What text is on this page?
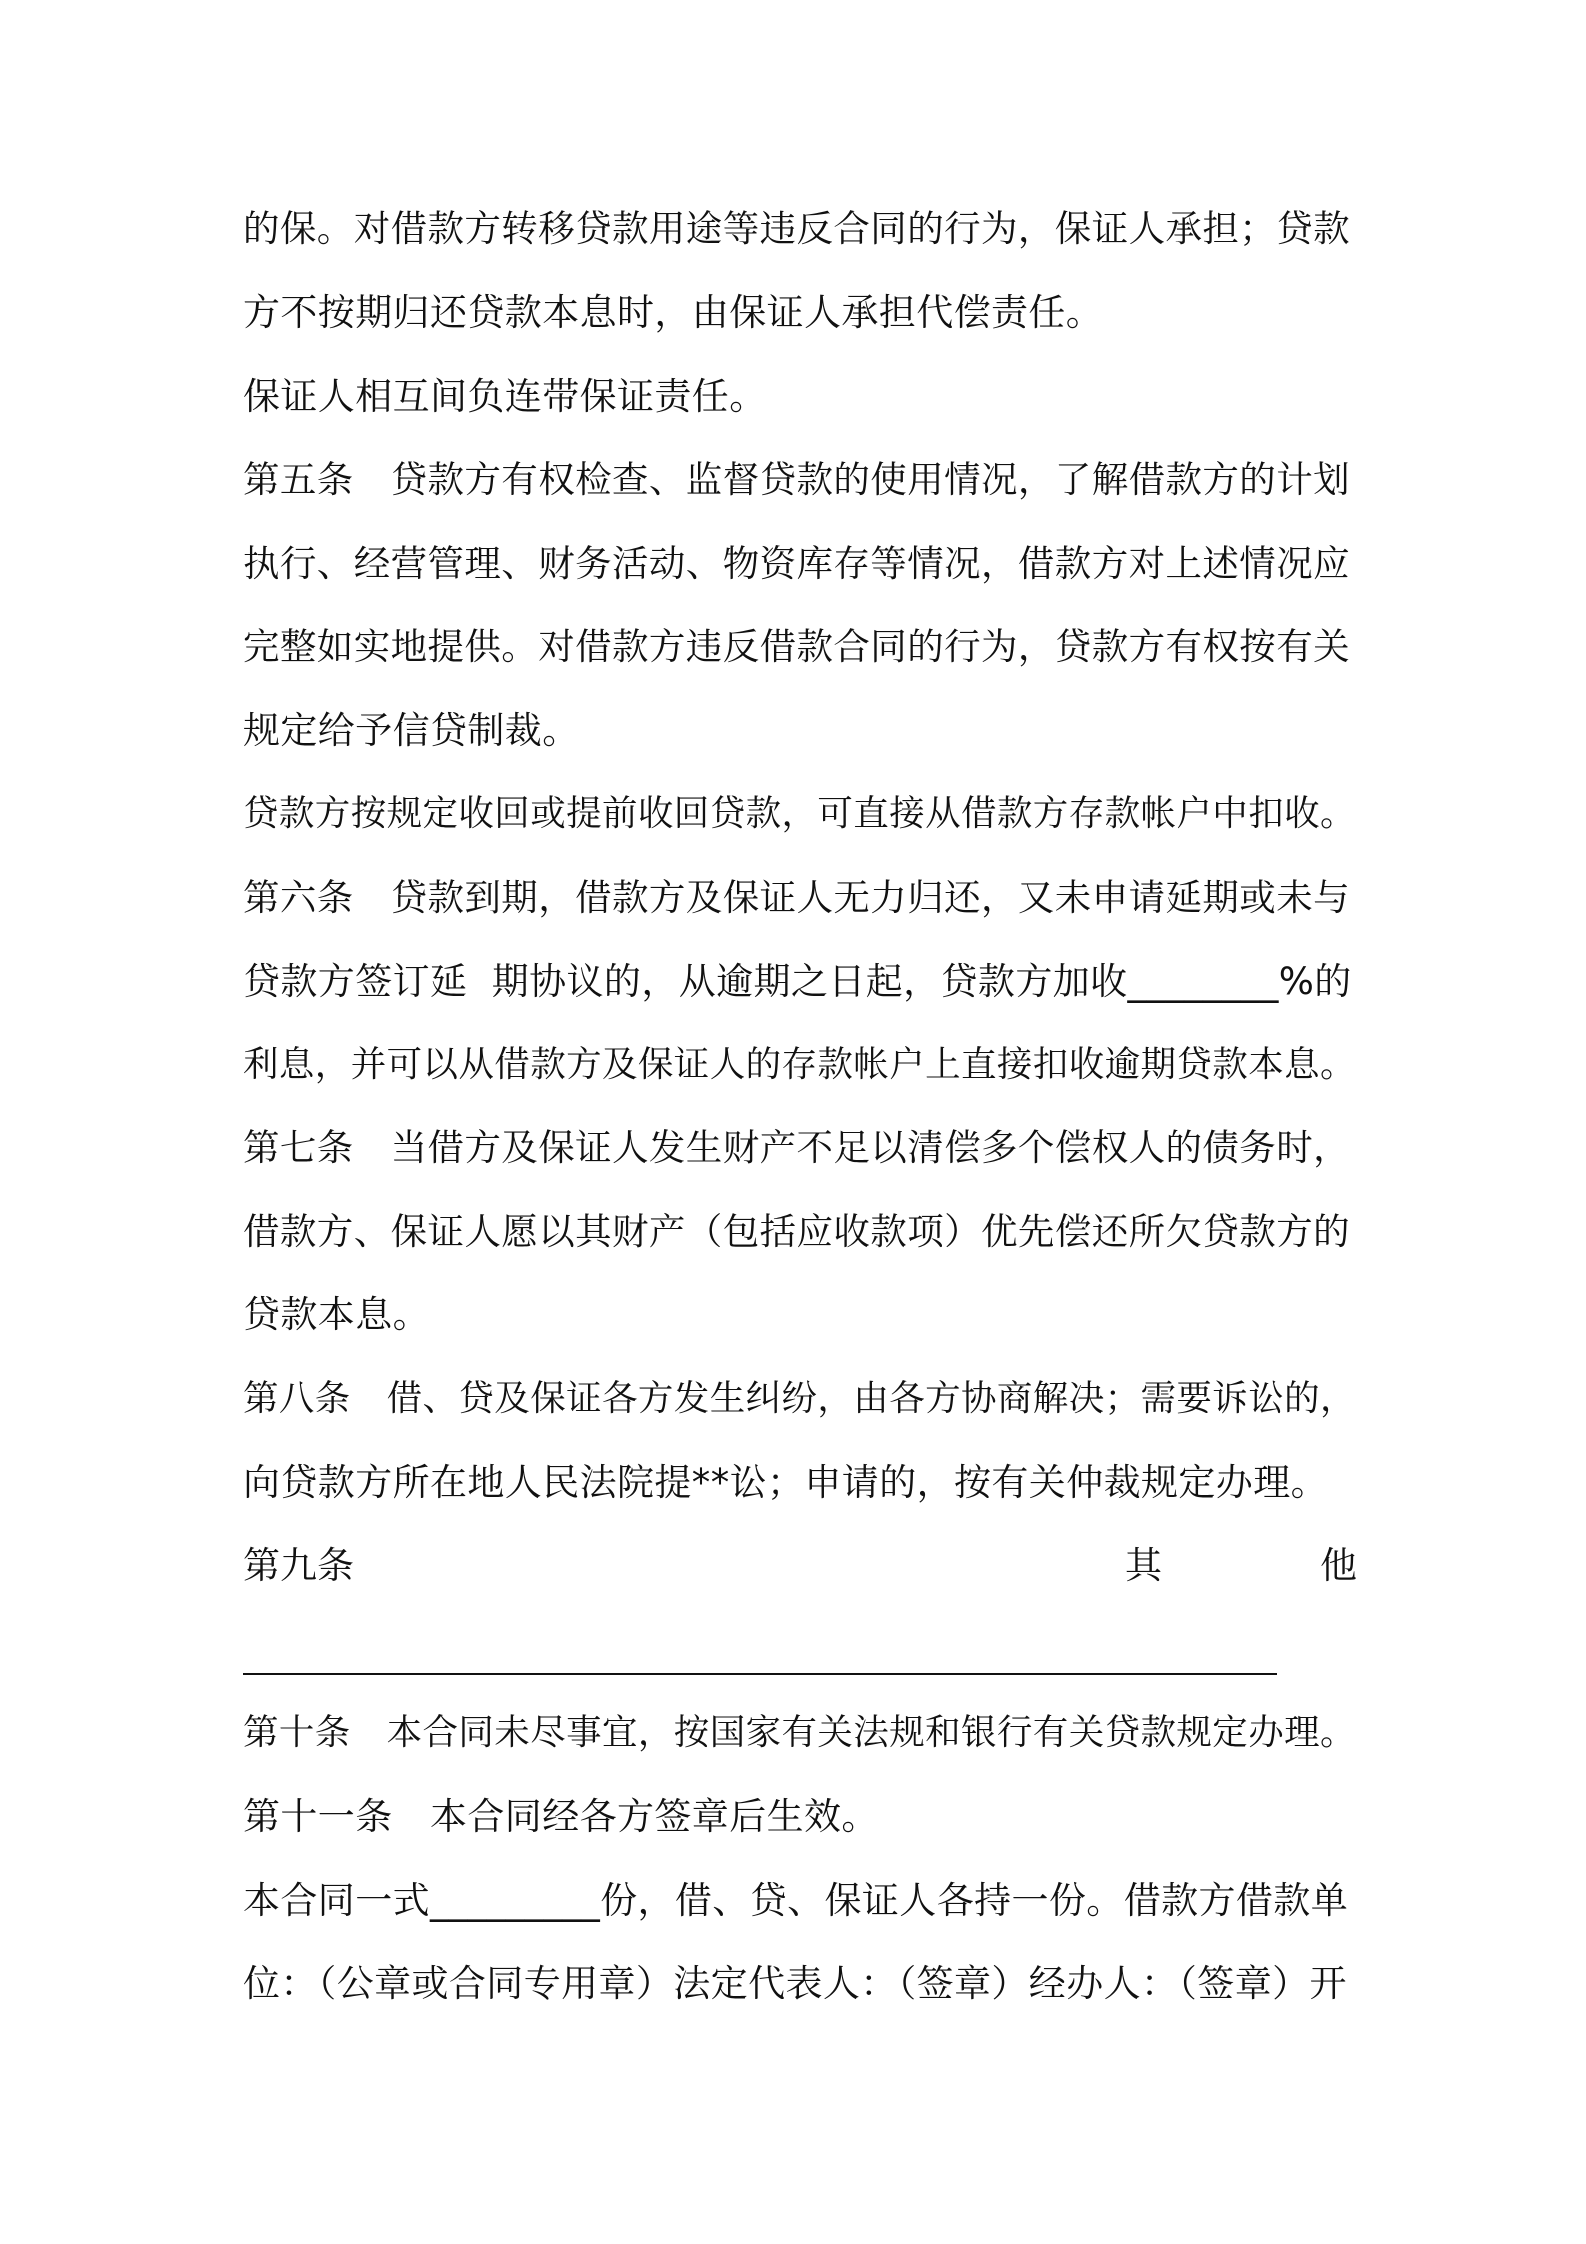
的保。对借款方转移贷款用途等违反合同的行为，保证人承担；贷款
方不按期归还贷款本息时，由保证人承担代偿责任。
保证人相互间负连带保证责任。
第五条　贷款方有权检查、监督贷款的使用情况，了解借款方的计划
执行、经营管理、财务活动、物资库存等情况，借款方对上述情况应
完整如实地提供。对借款方违反借款合同的行为，贷款方有权按有关
规定给予信贷制裁。
贷款方按规定收回或提前收回贷款，可直接从借款方存款帐户中扣收。
第六条　贷款到期，借款方及保证人无力归还，又未申请延期或未与
贷款方签订延  期协议的，从逾期之日起，贷款方加收________%的
利息，并可以从借款方及保证人的存款帐户上直接扣收逾期贷款本息。
第七条　当借方及保证人发生财产不足以清偿多个偿权人的债务时，
借款方、保证人愿以其财产（包括应收款项）优先偿还所欠贷款方的
贷款本息。
第八条　借、贷及保证各方发生纠纷，由各方协商解决；需要诉讼的，
向贷款方所在地人民法院提**讼；申请的，按有关仲裁规定办理。
第 九 条	其	他
第十条　本合同未尽事宜，按国家有关法规和银行有关贷款规定办理。
第十一条　本合同经各方签章后生效。
本合同一式_________份，借、贷、保证人各持一份。借款方借款单
位：（公章或合同专用章）法定代表人：（签章）经办人：（签章）开
